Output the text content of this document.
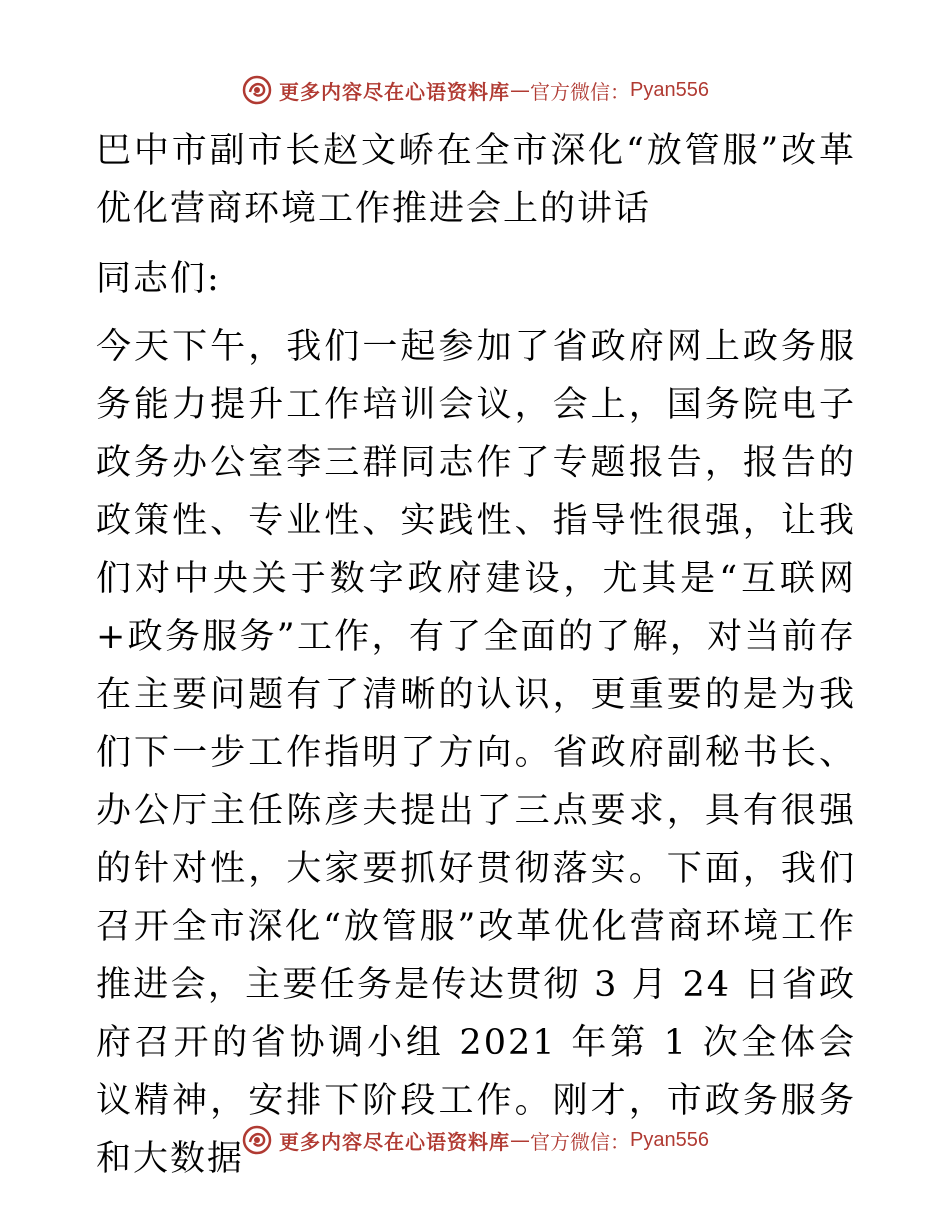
更多内容尽在心语资料库 — 官方微信： Pyan556

巴中市副市长赵文峤在全市深化“放管服”改革优化营商环境工作推进会上的讲话

同志们:

今天下午，我们一起参加了省政府网上政务服务能力提升工作培训会议，会上，国务院电子政务办公室李三群同志作了专题报告，报告的政策性、专业性、实践性、指导性很强，让我们对中央关于数字政府建设，尤其是“互联网+政务服务”工作，有了全面的了解，对当前存在主要问题有了清晰的认识，更重要的是为我们下一步工作指明了方向。省政府副秘书长、办公厅主任陈彦夫提出了三点要求，具有很强的针对性，大家要抓好贯彻落实。下面，我们召开全市深化“放管服”改革优化营商环境工作推进会，主要任务是传达贯彻 3 月 24 日省政府召开的省协调小组 2021 年第 1 次全体会议精神，安排下阶段工作。刚才，市政务服务和大数据	更多内容尽在心语资料库 — 官方微信： Pyan556
